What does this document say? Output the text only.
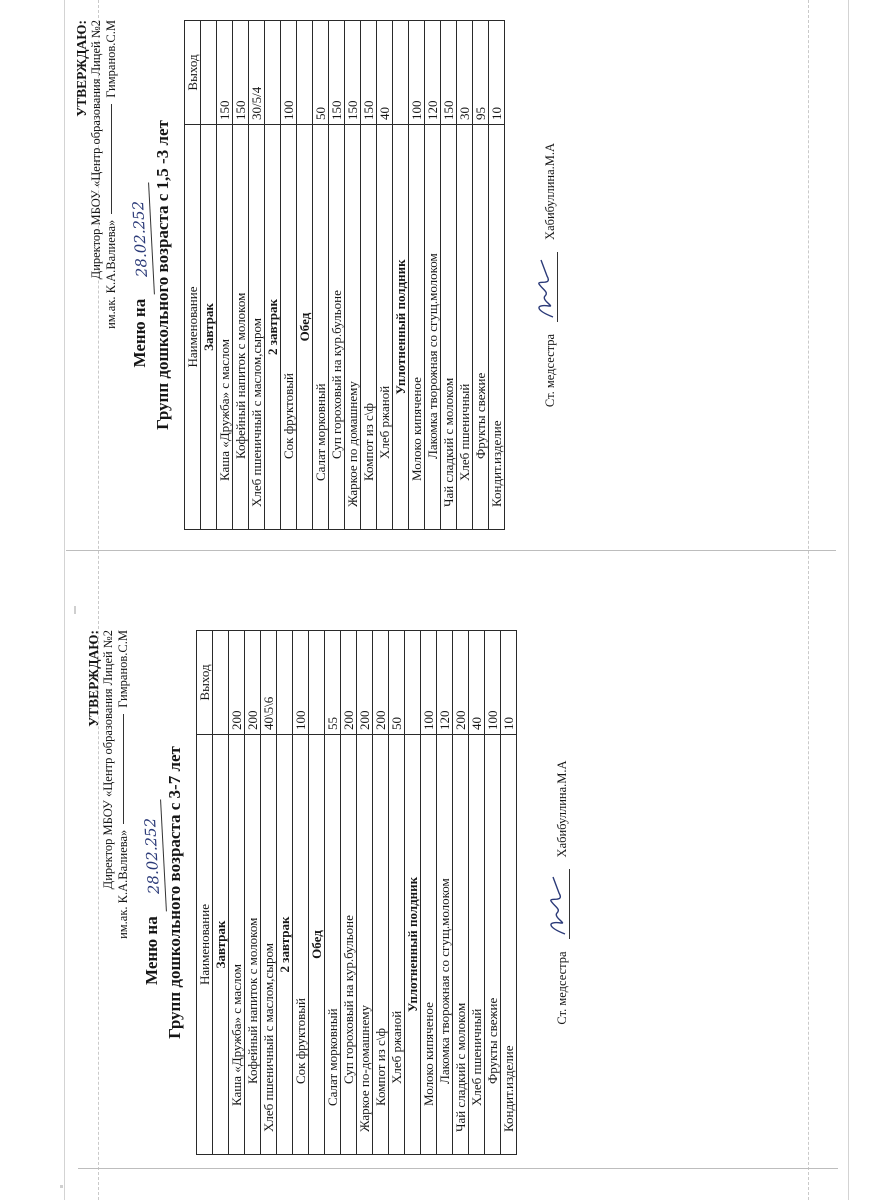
УТВЕРЖДАЮ: Директор МБОУ «Центр образования Лицей №2 им.ак. К.А.Валиева»Гимранов.С.М
Меню на 28.02.252 Групп дошкольного возраста с 1,5 -3 лет Наименование	Выход
Завтрак	
Каша «Дружба» с маслом	150
Кофейный напиток с молоком	150
Хлеб пшеничный с маслом,сыром	30/5/4
2 завтрак	
Сок фруктовый	100
Обед	
Салат морковный	50
Суп гороховый на кур.бульоне	150
Жаркое по домашнему	150
Компот из с\ф	150
Хлеб ржаной	40
Уплотненный полдник	
Молоко кипяченое	100
Лакомка творожная со сгущ.молоком	120
Чай сладкий с молоком	150
Хлеб пшеничный	30
Фрукты свежие	95
Кондит.изделие	10
Ст. медсестра
Хабибуллина.М.А
УТВЕРЖДАЮ: Директор МБОУ «Центр образования Лицей №2 им.ак. К.А.Валиева»Гимранов.С.М
Меню на 28.02.252 Групп дошкольного возраста с 3-7 лет Наименование	Выход
Завтрак	
Каша «Дружба» с маслом	200
Кофейный напиток с молоком	200
Хлеб пшеничный с маслом,сыром	40\5\6
2 завтрак	
Сок фруктовый	100
Обед	
Салат морковный	55
Суп гороховый на кур.бульоне	200
Жаркое по-домашнему	200
Компот из с\ф	200
Хлеб ржаной	50
Уплотненный полдник	
Молоко кипяченое	100
Лакомка творожная со сгущ.молоком	120
Чай сладкий с молоком	200
Хлеб пшеничный	40
Фрукты свежие	100
Кондит.изделие	10
Ст. медсестра
Хабибуллина.М.А
